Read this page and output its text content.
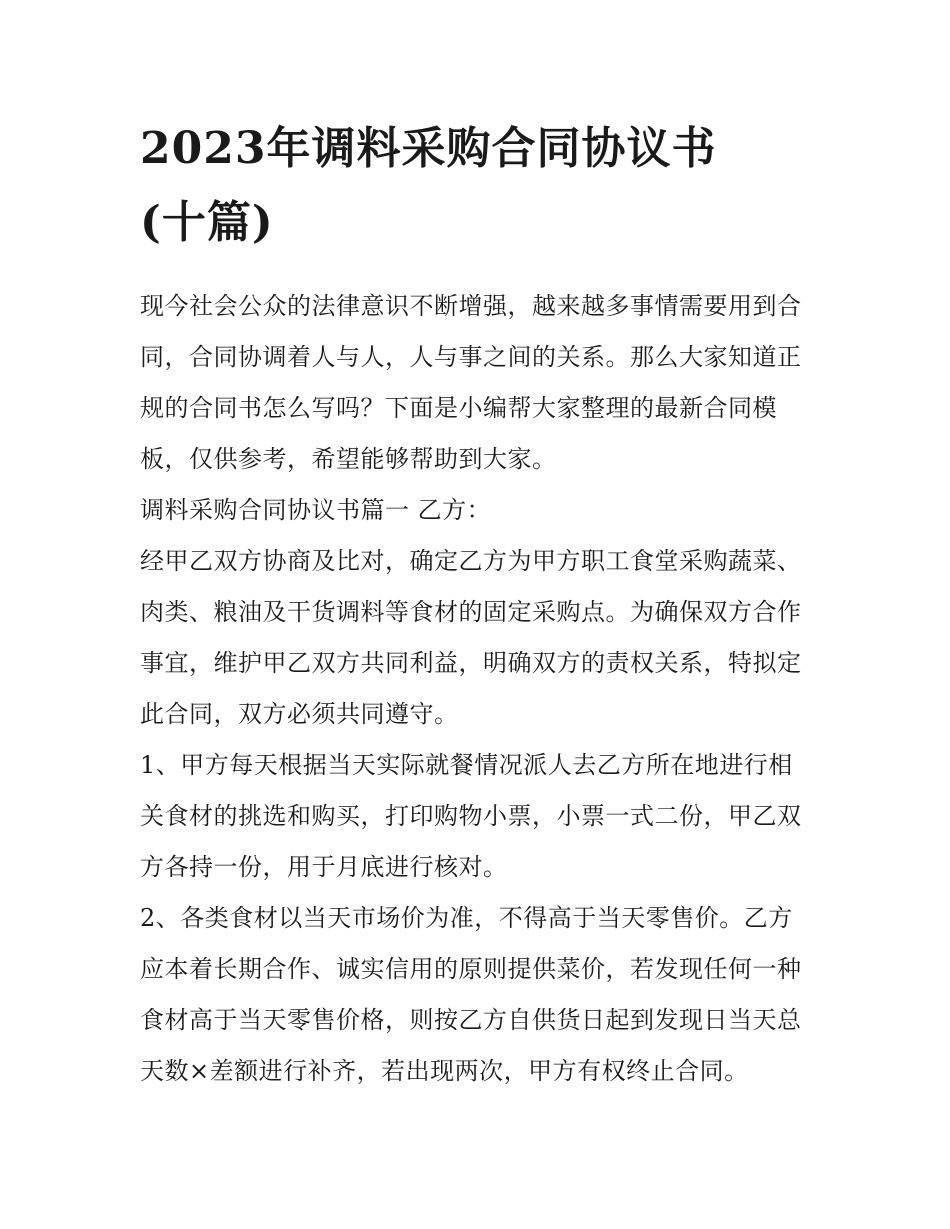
2023年调料采购合同协议书
(十篇)

现今社会公众的法律意识不断增强，越来越多事情需要用到合
同，合同协调着人与人，人与事之间的关系。那么大家知道正
规的合同书怎么写吗？下面是小编帮大家整理的最新合同模
板，仅供参考，希望能够帮助到大家。

调料采购合同协议书篇一 乙方：

经甲乙双方协商及比对，确定乙方为甲方职工食堂采购蔬菜、
肉类、粮油及干货调料等食材的固定采购点。为确保双方合作
事宜，维护甲乙双方共同利益，明确双方的责权关系，特拟定
此合同，双方必须共同遵守。

1、甲方每天根据当天实际就餐情况派人去乙方所在地进行相
关食材的挑选和购买，打印购物小票，小票一式二份，甲乙双
方各持一份，用于月底进行核对。

2、各类食材以当天市场价为准，不得高于当天零售价。乙方
应本着长期合作、诚实信用的原则提供菜价，若发现任何一种
食材高于当天零售价格，则按乙方自供货日起到发现日当天总
天数×差额进行补齐，若出现两次，甲方有权终止合同。
